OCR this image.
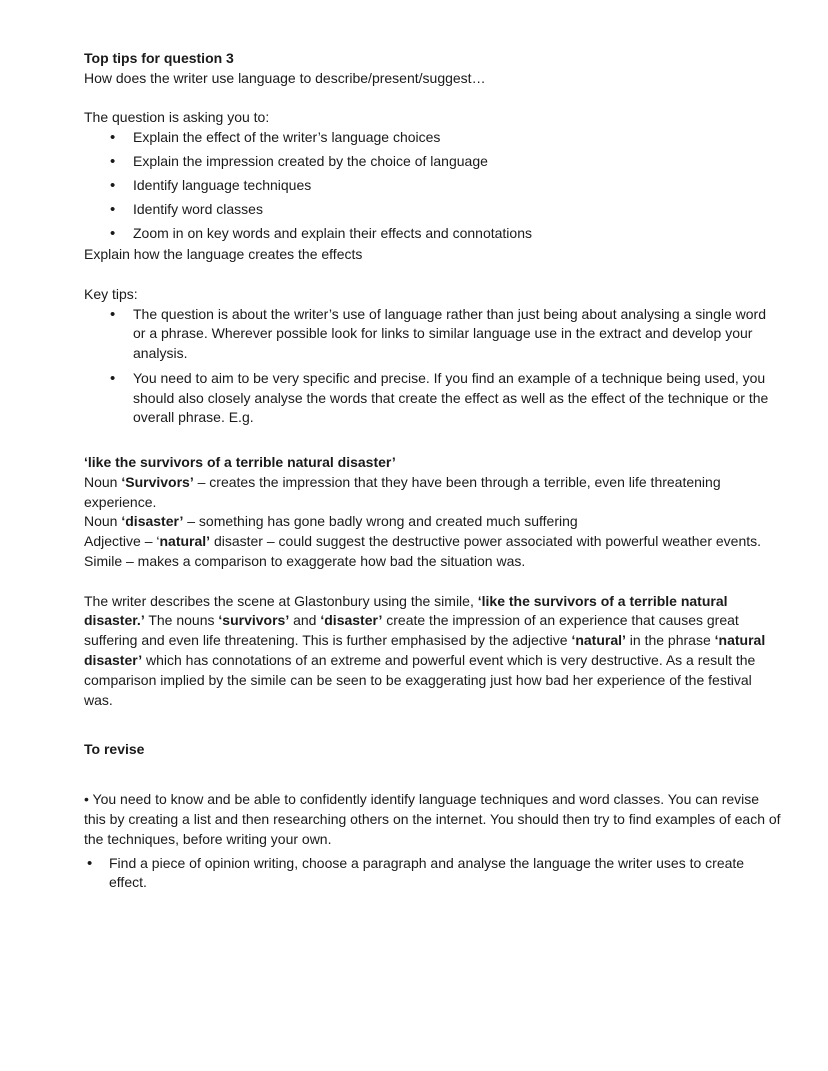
Top tips for question 3

How does the writer use language to describe/present/suggest…

The question is asking you to:

• Explain the effect of the writer’s language choices
• Explain the impression created by the choice of language
• Identify language techniques
• Identify word classes
• Zoom in on key words and explain their effects and connotations

Explain how the language creates the effects

Key tips:

• The question is about the writer’s use of language rather than just being about analysing a single word or a phrase. Wherever possible look for links to similar language use in the extract and develop your analysis.
• You need to aim to be very specific and precise. If you find an example of a technique being used, you should also closely analyse the words that create the effect as well as the effect of the technique or the overall phrase. E.g.

‘like the survivors of a terrible natural disaster’

Noun ‘Survivors’ – creates the impression that they have been through a terrible, even life threatening experience.

Noun ‘disaster’ – something has gone badly wrong and created much suffering

Adjective – ‘natural’ disaster – could suggest the destructive power associated with powerful weather events.

Simile – makes a comparison to exaggerate how bad the situation was.

The writer describes the scene at Glastonbury using the simile, ‘like the survivors of a terrible natural disaster.’ The nouns ‘survivors’ and ‘disaster’ create the impression of an experience that causes great suffering and even life threatening. This is further emphasised by the adjective ‘natural’ in the phrase ‘natural disaster’ which has connotations of an extreme and powerful event which is very destructive. As a result the comparison implied by the simile can be seen to be exaggerating just how bad her experience of the festival was.

To revise

• You need to know and be able to confidently identify language techniques and word classes. You can revise this by creating a list and then researching others on the internet. You should then try to find examples of each of the techniques, before writing your own.

• Find a piece of opinion writing, choose a paragraph and analyse the language the writer uses to create effect.
